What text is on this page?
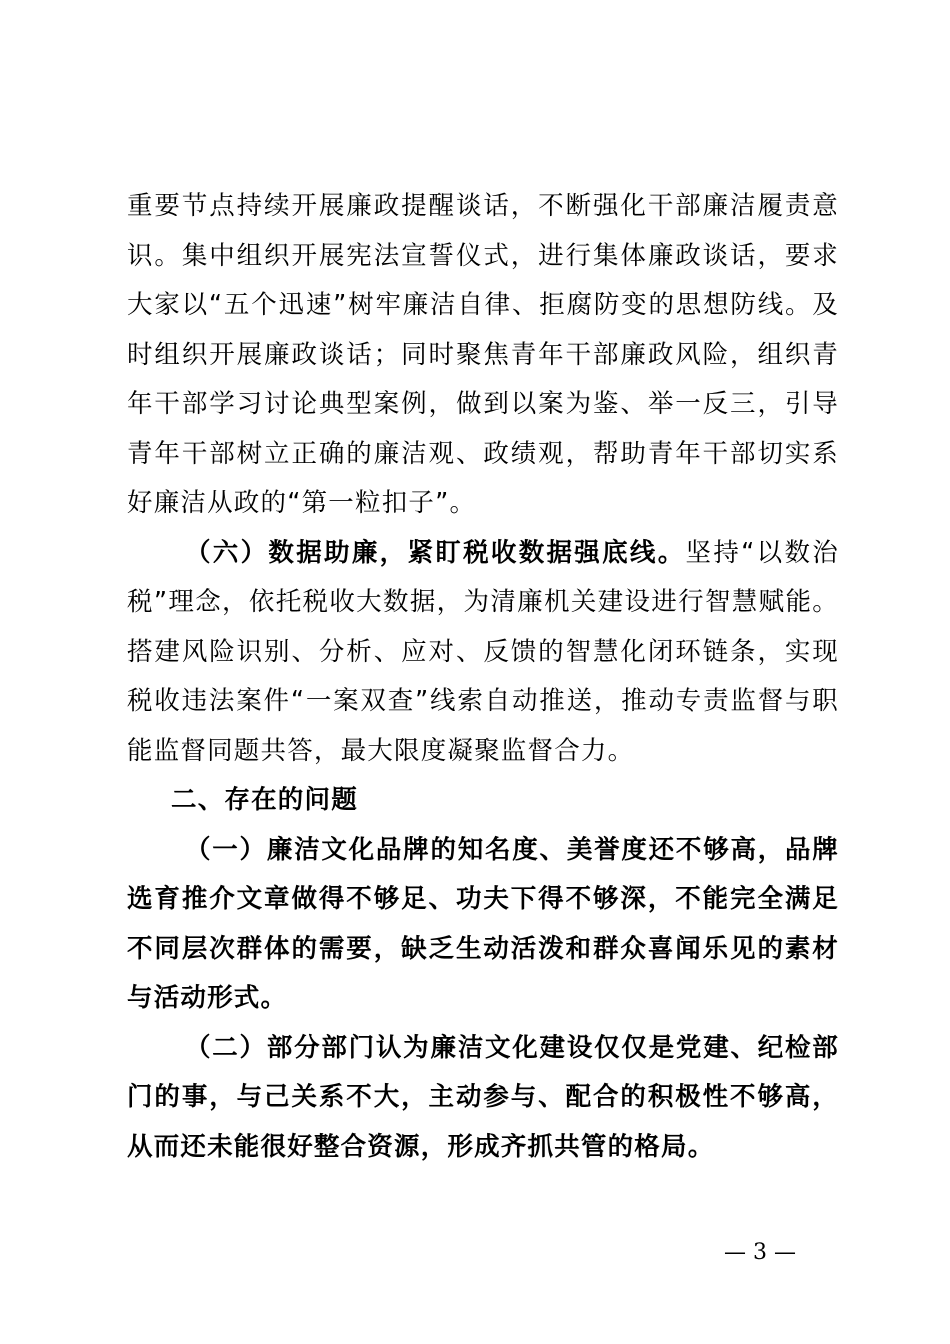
重要节点持续开展廉政提醒谈话，不断强化干部廉洁履责意识。集中组织开展宪法宣誓仪式，进行集体廉政谈话，要求大家以“五个迅速”树牢廉洁自律、拒腐防变的思想防线。及时组织开展廉政谈话；同时聚焦青年干部廉政风险，组织青年干部学习讨论典型案例，做到以案为鉴、举一反三，引导青年干部树立正确的廉洁观、政绩观，帮助青年干部切实系好廉洁从政的“第一粒扣子”。

（六）数据助廉，紧盯税收数据强底线。坚持“以数治税”理念，依托税收大数据，为清廉机关建设进行智慧赋能。搭建风险识别、分析、应对、反馈的智慧化闭环链条，实现税收违法案件“一案双查”线索自动推送，推动专责监督与职能监督同题共答，最大限度凝聚监督合力。

二、存在的问题

（一）廉洁文化品牌的知名度、美誉度还不够高，品牌选育推介文章做得不够足、功夫下得不够深，不能完全满足不同层次群体的需要，缺乏生动活泼和群众喜闻乐见的素材与活动形式。

（二）部分部门认为廉洁文化建设仅仅是党建、纪检部门的事，与己关系不大，主动参与、配合的积极性不够高，从而还未能很好整合资源，形成齐抓共管的格局。

— 3 —
